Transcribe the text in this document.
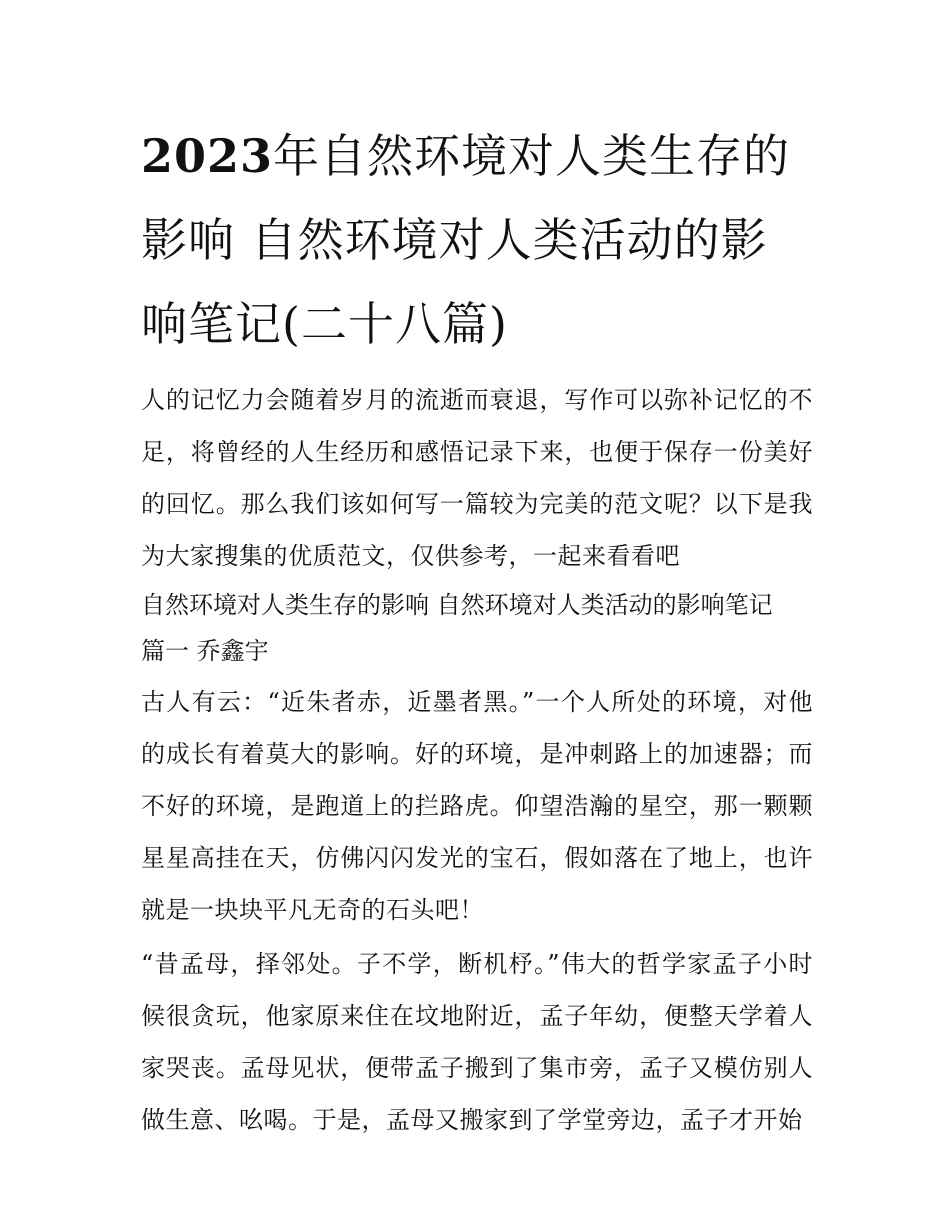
2023年自然环境对人类生存的影响 自然环境对人类活动的影响笔记(二十八篇)

人的记忆力会随着岁月的流逝而衰退，写作可以弥补记忆的不足，将曾经的人生经历和感悟记录下来，也便于保存一份美好的回忆。那么我们该如何写一篇较为完美的范文呢？以下是我为大家搜集的优质范文，仅供参考，一起来看看吧

自然环境对人类生存的影响 自然环境对人类活动的影响笔记

篇一 乔鑫宇

古人有云：“近朱者赤，近墨者黑。”一个人所处的环境，对他的成长有着莫大的影响。好的环境，是冲刺路上的加速器；而不好的环境，是跑道上的拦路虎。仰望浩瀚的星空，那一颗颗星星高挂在天，仿佛闪闪发光的宝石，假如落在了地上，也许就是一块块平凡无奇的石头吧！

“昔孟母，择邻处。子不学，断机杼。”伟大的哲学家孟子小时候很贪玩，他家原来住在坟地附近，孟子年幼，便整天学着人家哭丧。孟母见状，便带孟子搬到了集市旁，孟子又模仿别人做生意、吆喝。于是，孟母又搬家到了学堂旁边，孟子才开始
